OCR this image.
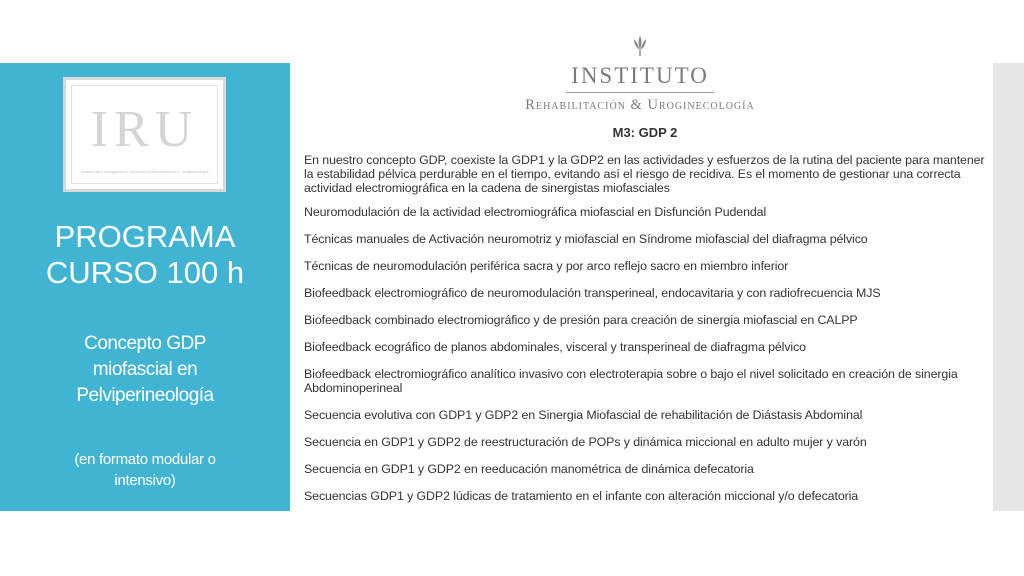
IRU
Instituto de Investigación y Docencia en Rehabilitación y Uroginecología
PROGRAMA
CURSO 100 h
Concepto GDP
miofascial en
Pelviperineología
(en formato modular o
intensivo)
INSTITUTO
Rehabilitación & Uroginecología
M3: GDP 2

En nuestro concepto GDP, coexiste la GDP1 y la GDP2 en las actividades y esfuerzos de la rutina del paciente para mantener la estabilidad pélvica perdurable en el tiempo, evitando así el riesgo de recidiva. Es el momento de gestionar una correcta actividad electromiográfica en la cadena de sinergistas miofasciales

Neuromodulación de la actividad electromiográfica miofascial en Disfunción Pudendal
Técnicas manuales de Activación neuromotriz y miofascial en Síndrome miofascial del diafragma pélvico
Técnicas de neuromodulación periférica sacra y por arco reflejo sacro en miembro inferior
Biofeedback electromiográfico de neuromodulación transperineal, endocavitaria y con radiofrecuencia MJS
Biofeedback combinado electromiográfico y de presión para creación de sinergia miofascial en CALPP
Biofeedback ecográfico de planos abdominales, visceral y transperineal de diafragma pélvico
Biofeedback electromiográfico analítico invasivo con electroterapia sobre o bajo el nivel solicitado en creación de sinergia Abdominoperineal
Secuencia evolutiva con GDP1 y GDP2 en Sinergia Miofascial de rehabilitación de Diástasis Abdominal
Secuencia en GDP1 y GDP2 de reestructuración de POPs y dinámica miccional en adulto mujer y varón
Secuencia en GDP1 y GDP2 en reeducación manométrica de dinámica defecatoria
Secuencias GDP1 y GDP2 lúdicas de tratamiento en el infante con alteración miccional y/o defecatoria
